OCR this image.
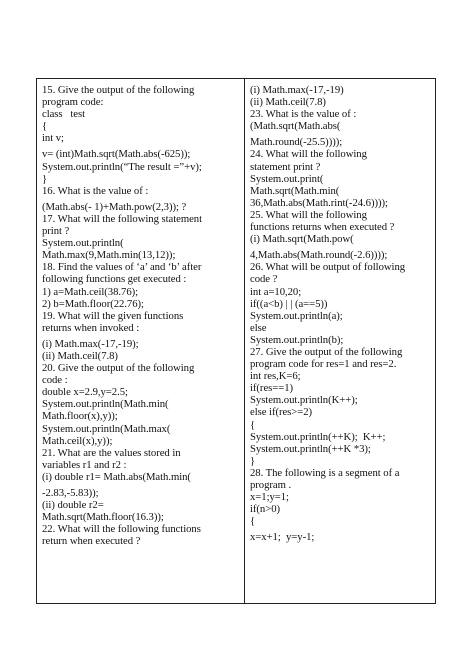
15. Give the output of the following
program code:
class   test
{
int v;
v= (int)Math.sqrt(Math.abs(-625));
System.out.println(“The result =”+v);
}
16. What is the value of :
(Math.abs(- 1)+Math.pow(2,3)); ?
17. What will the following statement
print ?
System.out.println(
Math.max(9,Math.min(13,12));
18. Find the values of ‘a’ and ‘b’ after
following functions get executed :
1) a=Math.ceil(38.76);
2) b=Math.floor(22.76);
19. What will the given functions
returns when invoked :
(i) Math.max(-17,-19);
(ii) Math.ceil(7.8)
20. Give the output of the following
code :
double x=2.9,y=2.5;
System.out.println(Math.min(
Math.floor(x),y));
System.out.println(Math.max(
Math.ceil(x),y));
21. What are the values stored in
variables r1 and r2 :
(i) double r1= Math.abs(Math.min(
-2.83,-5.83));
(ii) double r2=
Math.sqrt(Math.floor(16.3));
22. What will the following functions
return when executed ?
(i) Math.max(-17,-19)
(ii) Math.ceil(7.8)
23. What is the value of :
(Math.sqrt(Math.abs(
Math.round(-25.5))));
24. What will the following
statement print ?
System.out.print(
Math.sqrt(Math.min(
36,Math.abs(Math.rint(-24.6))));
25. What will the following
functions returns when executed ?
(i) Math.sqrt(Math.pow(
4,Math.abs(Math.round(-2.6))));
26. What will be output of following
code ?
int a=10,20;
if((a<b) | | (a==5))
System.out.println(a);
else
System.out.println(b);
27. Give the output of the following
program code for res=1 and res=2.
int res,K=6;
if(res==1)
System.out.println(K++);
else if(res>=2)
{
System.out.println(++K);  K++;
System.out.println(++K *3);
}
28. The following is a segment of a
program .
x=1;y=1;
if(n>0)
{
x=x+1;  y=y-1;
